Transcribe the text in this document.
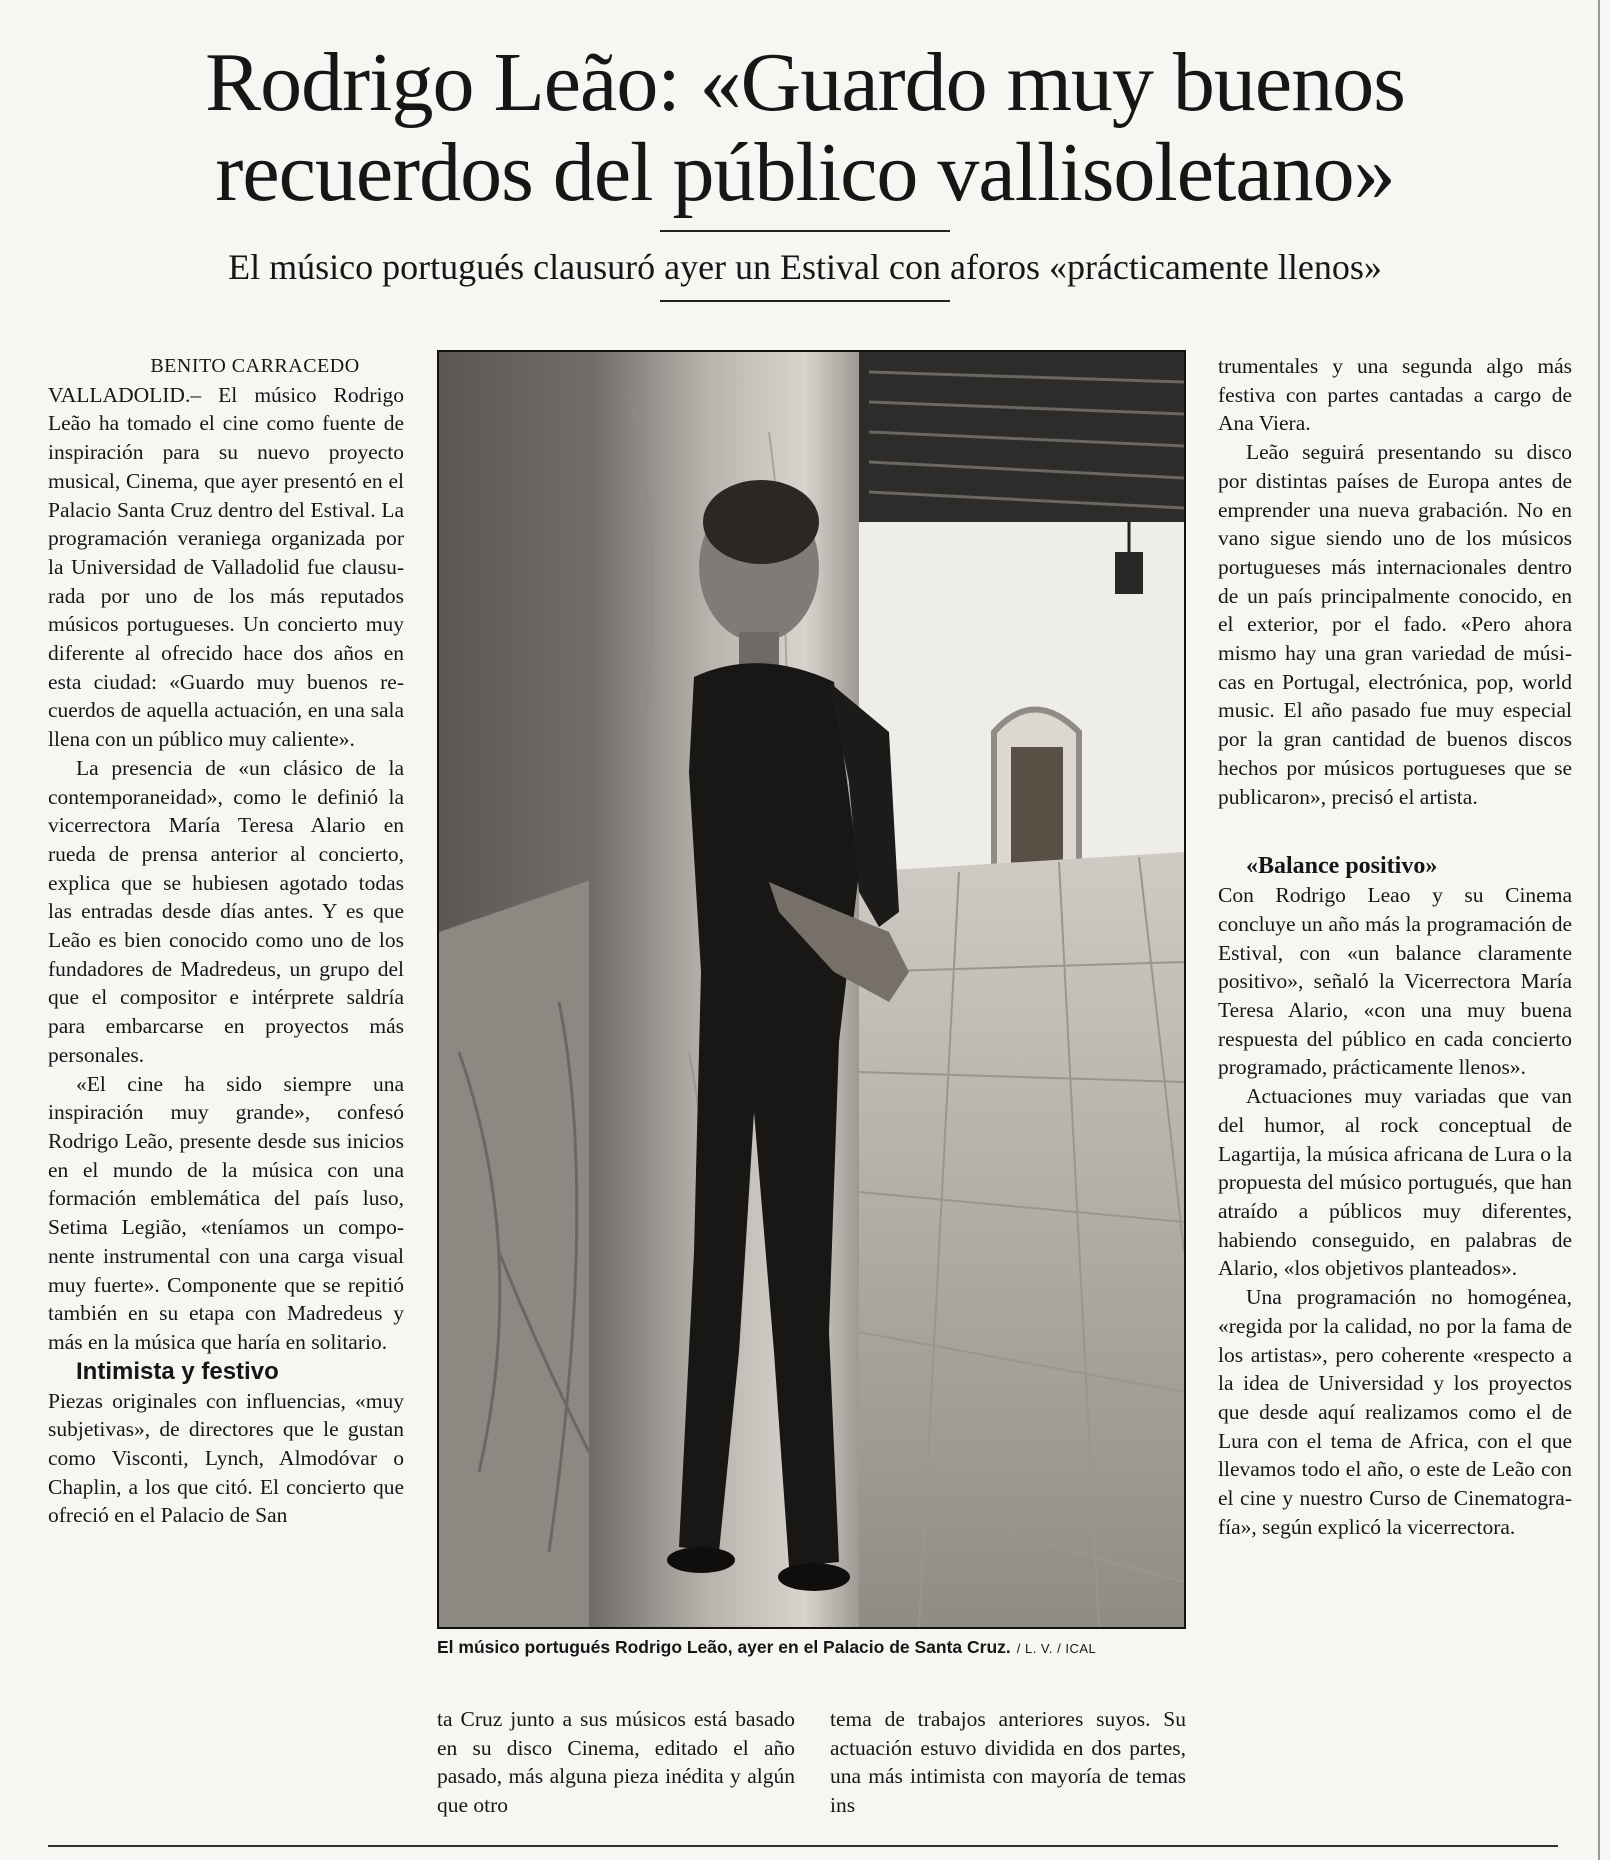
Rodrigo Leão: «Guardo muy buenos
recuerdos del público vallisoletano»

El músico portugués clausuró ayer un Estival con aforos «prácticamente llenos»

BENITO CARRACEDO

VALLADOLID.– El músico Rodrigo Leão ha tomado el cine como fuente de inspiración para su nuevo proyecto musical, Cinema, que ayer presentó en el Palacio Santa Cruz dentro del Estival. La programación veraniega organizada por la Universidad de Valladolid fue clausurada por uno de los más reputados músicos portugueses. Un concierto muy diferente al ofrecido hace dos años en esta ciudad: «Guardo muy buenos recuerdos de aquella actuación, en una sala llena con un público muy caliente».

La presencia de «un clásico de la contemporaneidad», como le definió la vicerrectora María Teresa Alario en rueda de prensa anterior al concierto, explica que se hubiesen agotado todas las entradas desde días antes. Y es que Leão es bien conocido como uno de los fundadores de Madredeus, un grupo del que el compositor e intérprete saldría para embarcarse en proyectos más personales.

«El cine ha sido siempre una inspiración muy grande», confesó Rodrigo Leão, presente desde sus inicios en el mundo de la música con una formación emblemática del país luso, Setima Legião, «teníamos un componente instrumental con una carga visual muy fuerte». Componente que se repitió también en su etapa con Madredeus y más en la música que haría en solitario.

Intimista y festivo

Piezas originales con influencias, «muy subjetivas», de directores que le gustan como Visconti, Lynch, Almodóvar o Chaplin, a los que citó. El concierto que ofreció en el Palacio de San

El músico portugués Rodrigo Leão, ayer en el Palacio de Santa Cruz. / L. V. / ICAL

ta Cruz junto a sus músicos está basado en su disco Cinema, editado el año pasado, más alguna pieza inédita y algún que otro

tema de trabajos anteriores suyos. Su actuación estuvo dividida en dos partes, una más intimista con mayoría de temas ins

trumentales y una segunda algo más festiva con partes cantadas a cargo de Ana Viera.

Leão seguirá presentando su disco por distintas países de Europa antes de emprender una nueva grabación. No en vano sigue siendo uno de los músicos portugueses más internacionales dentro de un país principalmente conocido, en el exterior, por el fado. «Pero ahora mismo hay una gran variedad de músicas en Portugal, electrónica, pop, world music. El año pasado fue muy especial por la gran cantidad de buenos discos hechos por músicos portugueses que se publicaron», precisó el artista.

«Balance positivo»

Con Rodrigo Leao y su Cinema concluye un año más la programación de Estival, con «un balance claramente positivo», señaló la Vicerrectora María Teresa Alario, «con una muy buena respuesta del público en cada concierto programado, prácticamente llenos».

Actuaciones muy variadas que van del humor, al rock conceptual de Lagartija, la música africana de Lura o la propuesta del músico portugués, que han atraído a públicos muy diferentes, habiendo conseguido, en palabras de Alario, «los objetivos planteados».

Una programación no homogénea, «regida por la calidad, no por la fama de los artistas», pero coherente «respecto a la idea de Universidad y los proyectos que desde aquí realizamos como el de Lura con el tema de Africa, con el que llevamos todo el año, o este de Leão con el cine y nuestro Curso de Cinematografía», según explicó la vicerrectora.
